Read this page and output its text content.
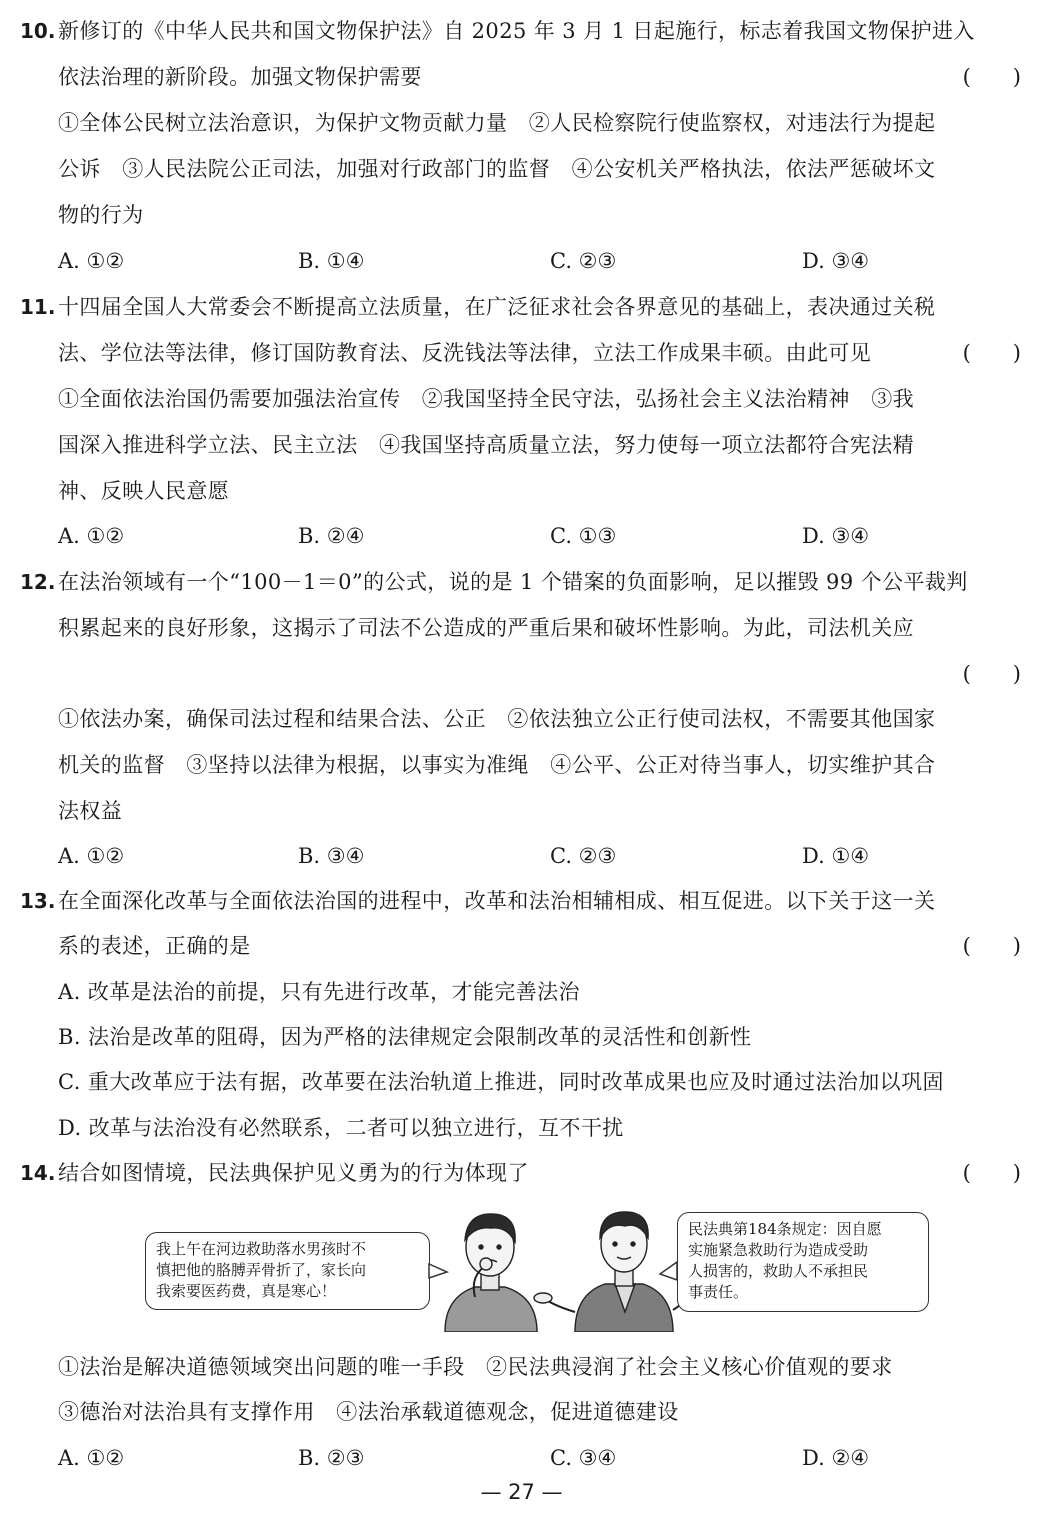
10. 新修订的《中华人民共和国文物保护法》自 2025 年 3 月 1 日起施行，标志着我国文物保护进入
依法治理的新阶段。加强文物保护需要	(　　)
①全体公民树立法治意识，为保护文物贡献力量　②人民检察院行使监察权，对违法行为提起
公诉　③人民法院公正司法，加强对行政部门的监督　④公安机关严格执法，依法严惩破坏文
物的行为
A. ①②	B. ①④	C. ②③	D. ③④
11. 十四届全国人大常委会不断提高立法质量，在广泛征求社会各界意见的基础上，表决通过关税
法、学位法等法律，修订国防教育法、反洗钱法等法律，立法工作成果丰硕。由此可见	(　　)
①全面依法治国仍需要加强法治宣传　②我国坚持全民守法，弘扬社会主义法治精神　③我
国深入推进科学立法、民主立法　④我国坚持高质量立法，努力使每一项立法都符合宪法精
神、反映人民意愿
A. ①②	B. ②④	C. ①③	D. ③④
12. 在法治领域有一个“100－1＝0”的公式，说的是 1 个错案的负面影响，足以摧毁 99 个公平裁判
积累起来的良好形象，这揭示了司法不公造成的严重后果和破坏性影响。为此，司法机关应
(　　)
①依法办案，确保司法过程和结果合法、公正　②依法独立公正行使司法权，不需要其他国家
机关的监督　③坚持以法律为根据，以事实为准绳　④公平、公正对待当事人，切实维护其合
法权益
A. ①②	B. ③④	C. ②③	D. ①④
13. 在全面深化改革与全面依法治国的进程中，改革和法治相辅相成、相互促进。以下关于这一关
系的表述，正确的是	(　　)
A. 改革是法治的前提，只有先进行改革，才能完善法治
B. 法治是改革的阻碍，因为严格的法律规定会限制改革的灵活性和创新性
C. 重大改革应于法有据，改革要在法治轨道上推进，同时改革成果也应及时通过法治加以巩固
D. 改革与法治没有必然联系，二者可以独立进行，互不干扰
14. 结合如图情境，民法典保护见义勇为的行为体现了	(　　)
我上午在河边救助落水男孩时不
慎把他的胳膊弄骨折了，家长向
我索要医药费，真是寒心！
民法典第184条规定：因自愿
实施紧急救助行为造成受助
人损害的，救助人不承担民
事责任。
①法治是解决道德领域突出问题的唯一手段　②民法典浸润了社会主义核心价值观的要求
③德治对法治具有支撑作用　④法治承载道德观念，促进道德建设
A. ①②	B. ②③	C. ③④	D. ②④
— 27 —
